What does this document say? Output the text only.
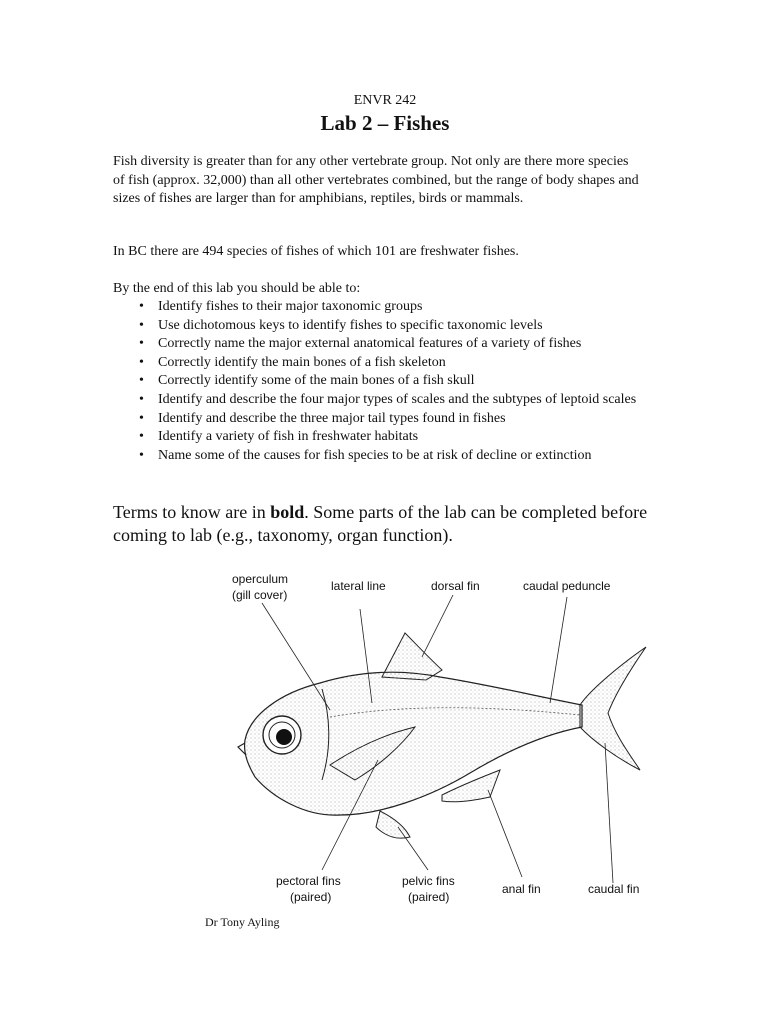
ENVR 242
Lab 2 – Fishes

Fish diversity is greater than for any other vertebrate group. Not only are there more species of fish (approx. 32,000) than all other vertebrates combined, but the range of body shapes and sizes of fishes are larger than for amphibians, reptiles, birds or mammals.

In BC there are 494 species of fishes of which 101 are freshwater fishes.

By the end of this lab you should be able to:

• Identify fishes to their major taxonomic groups
• Use dichotomous keys to identify fishes to specific taxonomic levels
• Correctly name the major external anatomical features of a variety of fishes
• Correctly identify the main bones of a fish skeleton
• Correctly identify some of the main bones of a fish skull
• Identify and describe the four major types of scales and the subtypes of leptoid scales
• Identify and describe the three major tail types found in fishes
• Identify a variety of fish in freshwater habitats
• Name some of the causes for fish species to be at risk of decline or extinction

Terms to know are in bold. Some parts of the lab can be completed before coming to lab (e.g., taxonomy, organ function).

operculum
(gill cover)
lateral line	dorsal fin	caudal peduncle
pectoral fins
(paired)
pelvic fins
(paired)
anal fin	caudal fin
Dr Tony Ayling
